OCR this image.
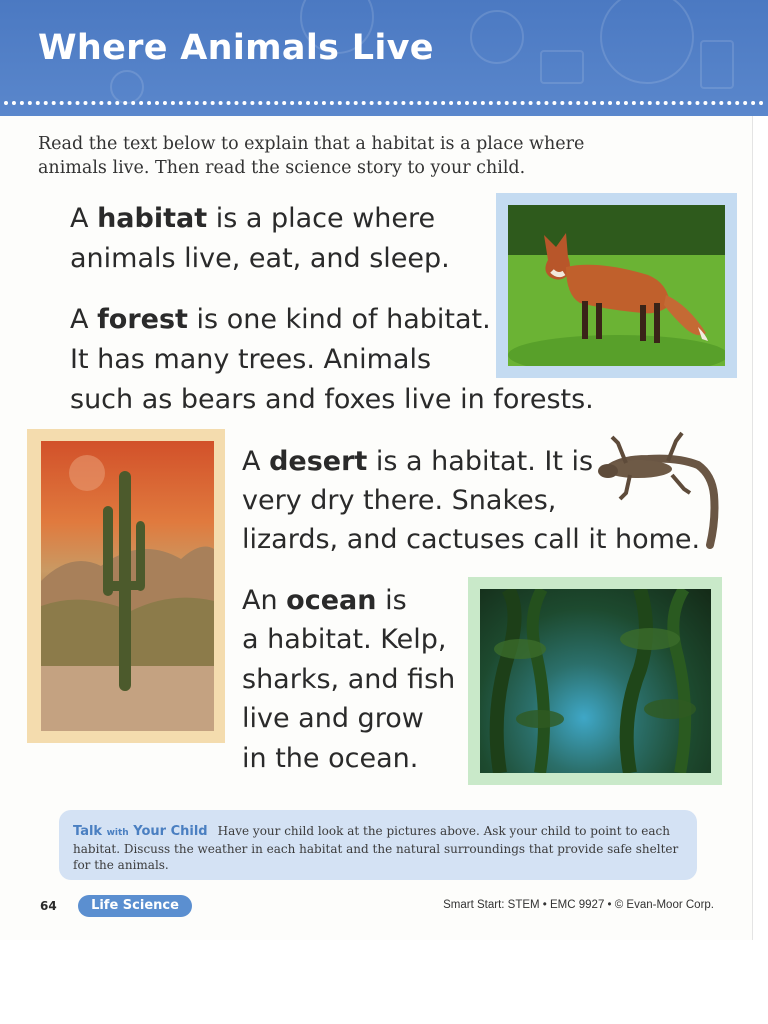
Where Animals Live
Read the text below to explain that a habitat is a place where animals live. Then read the science story to your child.
A habitat is a place where
animals live, eat, and sleep.
A forest is one kind of habitat.
It has many trees. Animals
such as bears and foxes live in forests.
A desert is a habitat. It is
very dry there. Snakes,
lizards, and cactuses call it home.
An ocean is
a habitat. Kelp,
sharks, and fish
live and grow
in the ocean.
Talk with Your Child Have your child look at the pictures above. Ask your child to point to each habitat. Discuss the weather in each habitat and the natural surroundings that provide safe shelter for the animals.
64	Life Science	Smart Start: STEM • EMC 9927 • © Evan-Moor Corp.
